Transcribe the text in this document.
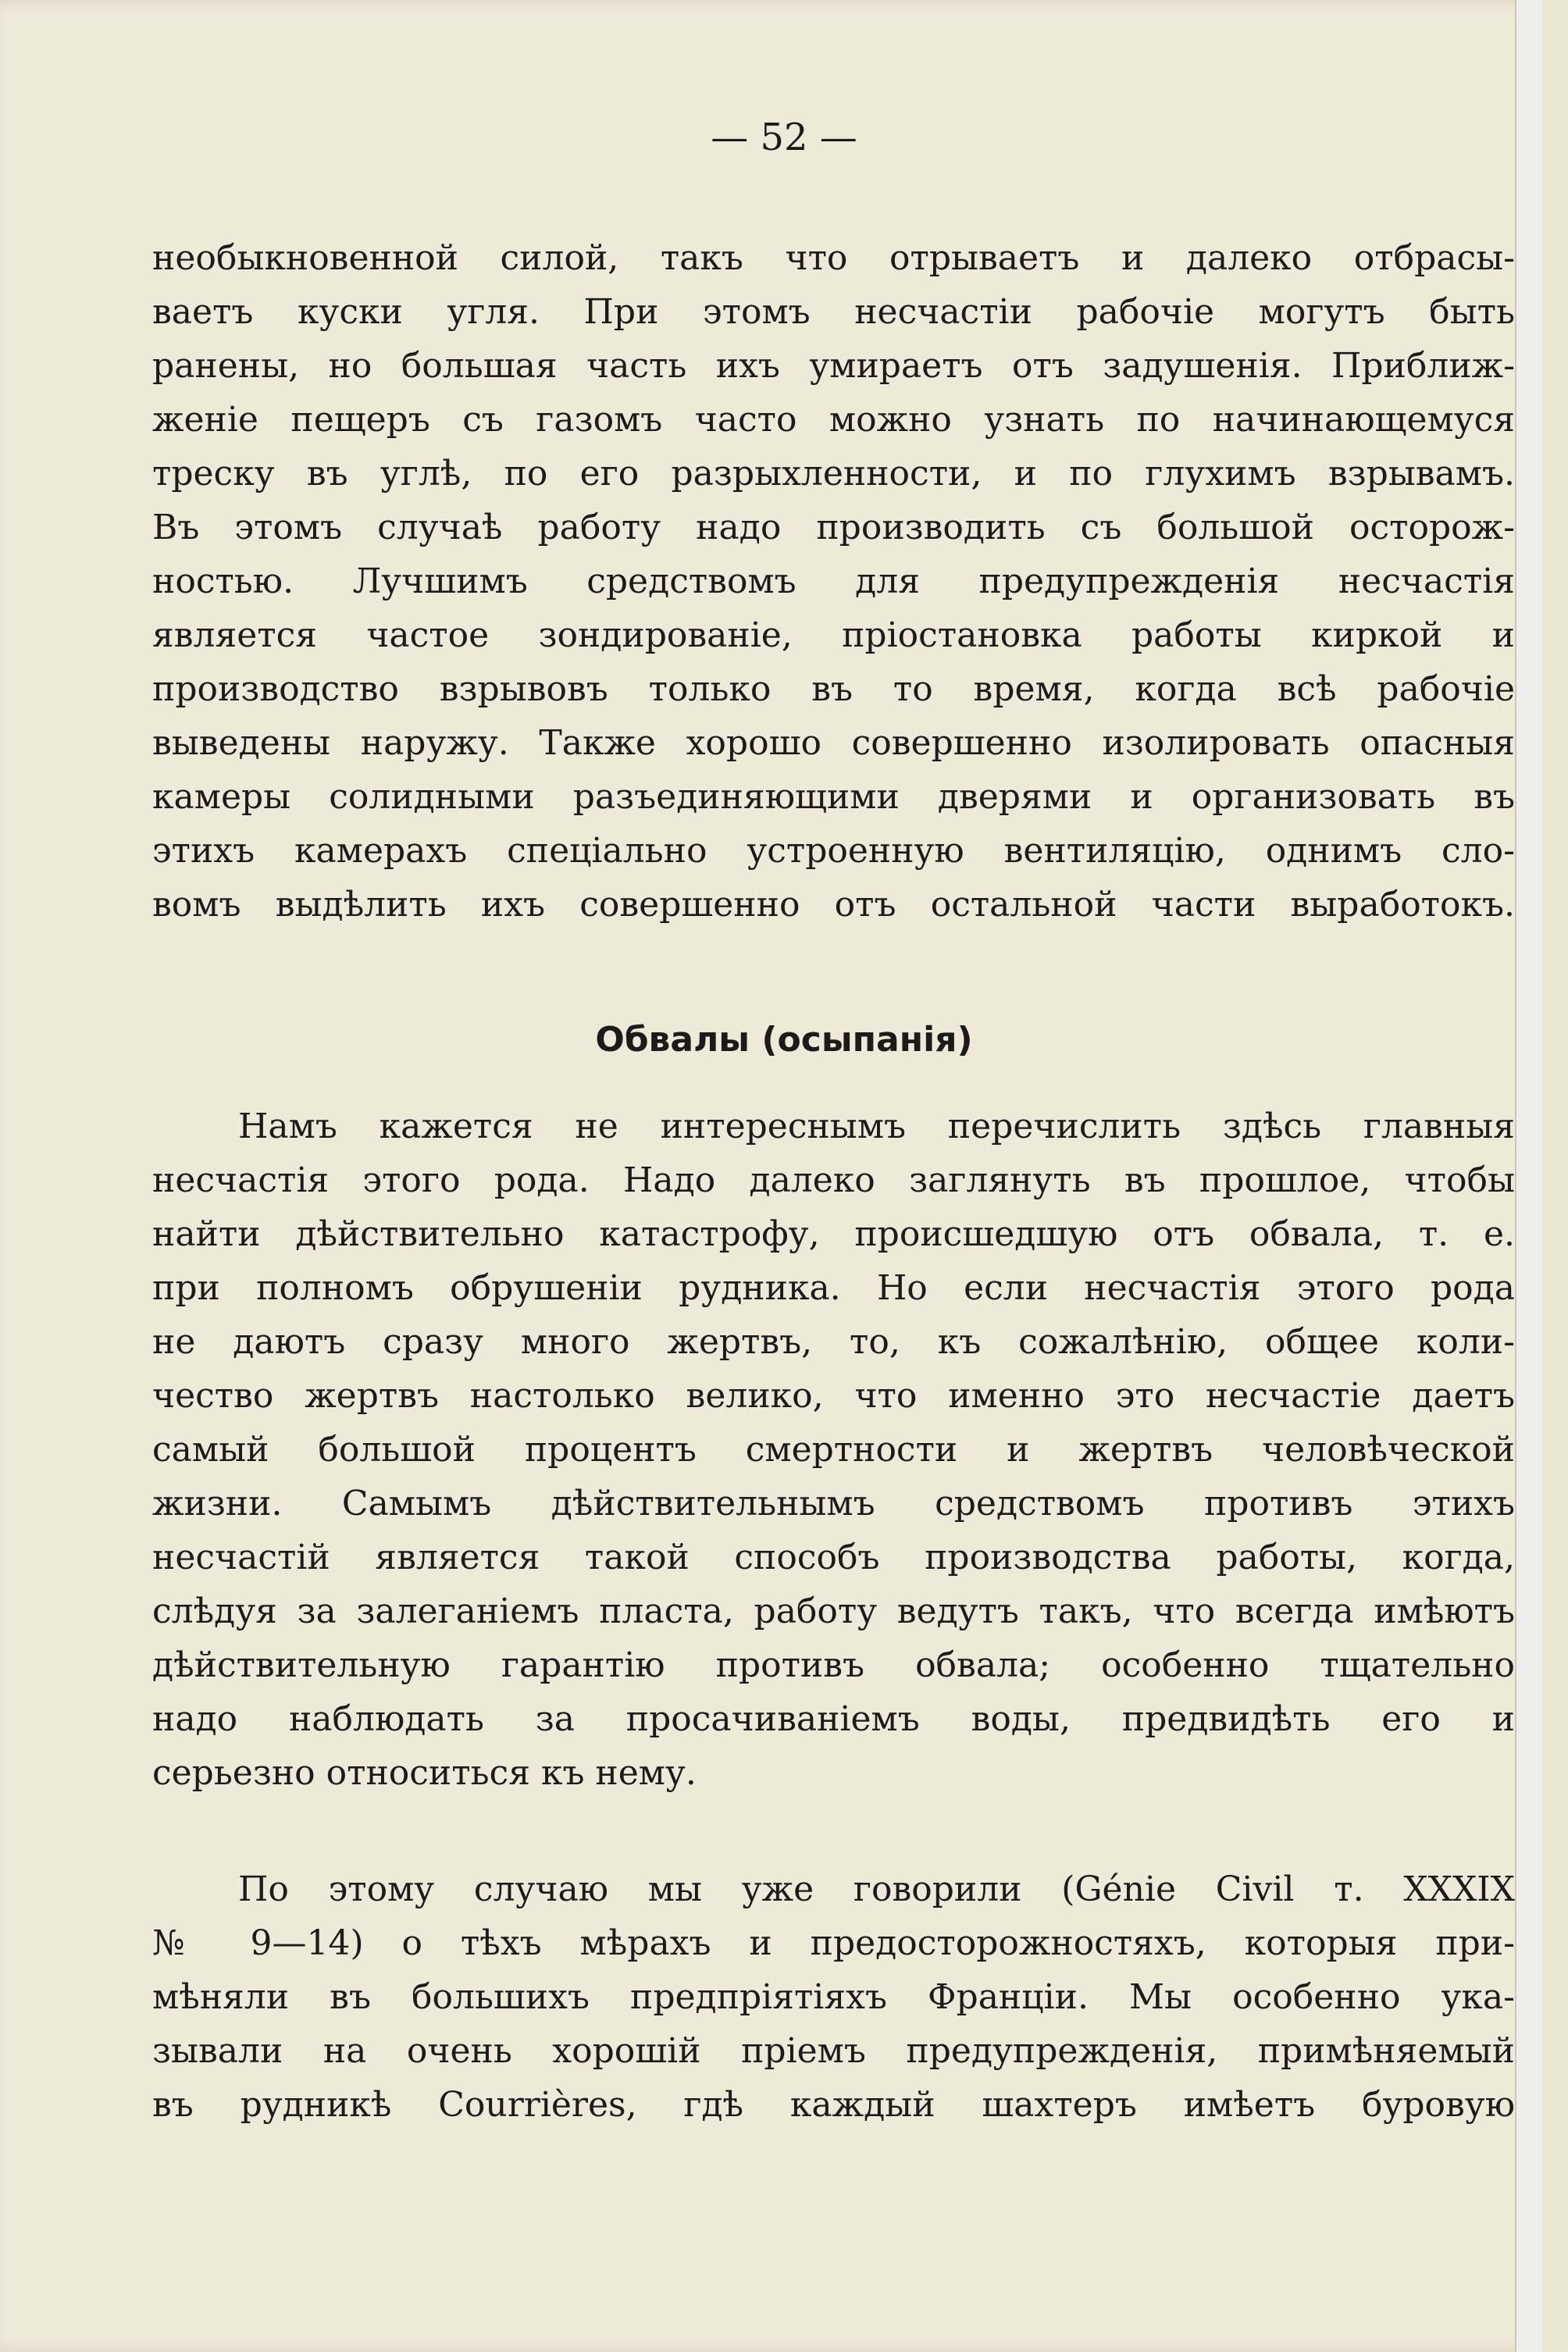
— 52 —

необыкновенной силой, такъ что отрываетъ и далеко отбрасы-
ваетъ куски угля. При этомъ несчастіи рабочіе могутъ быть
ранены, но большая часть ихъ умираетъ отъ задушенія. Приближ-
женіе пещеръ съ газомъ часто можно узнать по начинающемуся
треску въ углѣ, по его разрыхленности, и по глухимъ взрывамъ.
Въ этомъ случаѣ работу надо производить съ большой осторож-
ностью. Лучшимъ средствомъ для предупрежденія несчастія
является частое зондированіе, пріостановка работы киркой и
производство взрывовъ только въ то время, когда всѣ рабочіе
выведены наружу. Также хорошо совершенно изолировать опасныя
камеры солидными разъединяющими дверями и организовать въ
этихъ камерахъ спеціально устроенную вентиляцію, однимъ сло-
вомъ выдѣлить ихъ совершенно отъ остальной части выработокъ.
Обвалы (осыпанія)
Намъ кажется не интереснымъ перечислить здѣсь главныя
несчастія этого рода. Надо далеко заглянуть въ прошлое, чтобы
найти дѣйствительно катастрофу, происшедшую отъ обвала, т. е.
при полномъ обрушеніи рудника. Но если несчастія этого рода
не даютъ сразу много жертвъ, то, къ сожалѣнію, общее коли-
чество жертвъ настолько велико, что именно это несчастіе даетъ
самый большой процентъ смертности и жертвъ человѣческой
жизни. Самымъ дѣйствительнымъ средствомъ противъ этихъ
несчастій является такой способъ производства работы, когда,
слѣдуя за залеганіемъ пласта, работу ведутъ такъ, что всегда имѣютъ
дѣйствительную гарантію противъ обвала; особенно тщательно
надо наблюдать за просачиваніемъ воды, предвидѣть его и
серьезно относиться къ нему.
По этому случаю мы уже говорили (Génie Civil т. XXXIX
№ 9—14) о тѣхъ мѣрахъ и предосторожностяхъ, которыя при-
мѣняли въ большихъ предпріятіяхъ Франціи. Мы особенно ука-
зывали на очень хорошій пріемъ предупрежденія, примѣняемый
въ рудникѣ Courrières, гдѣ каждый шахтеръ имѣетъ буровую
